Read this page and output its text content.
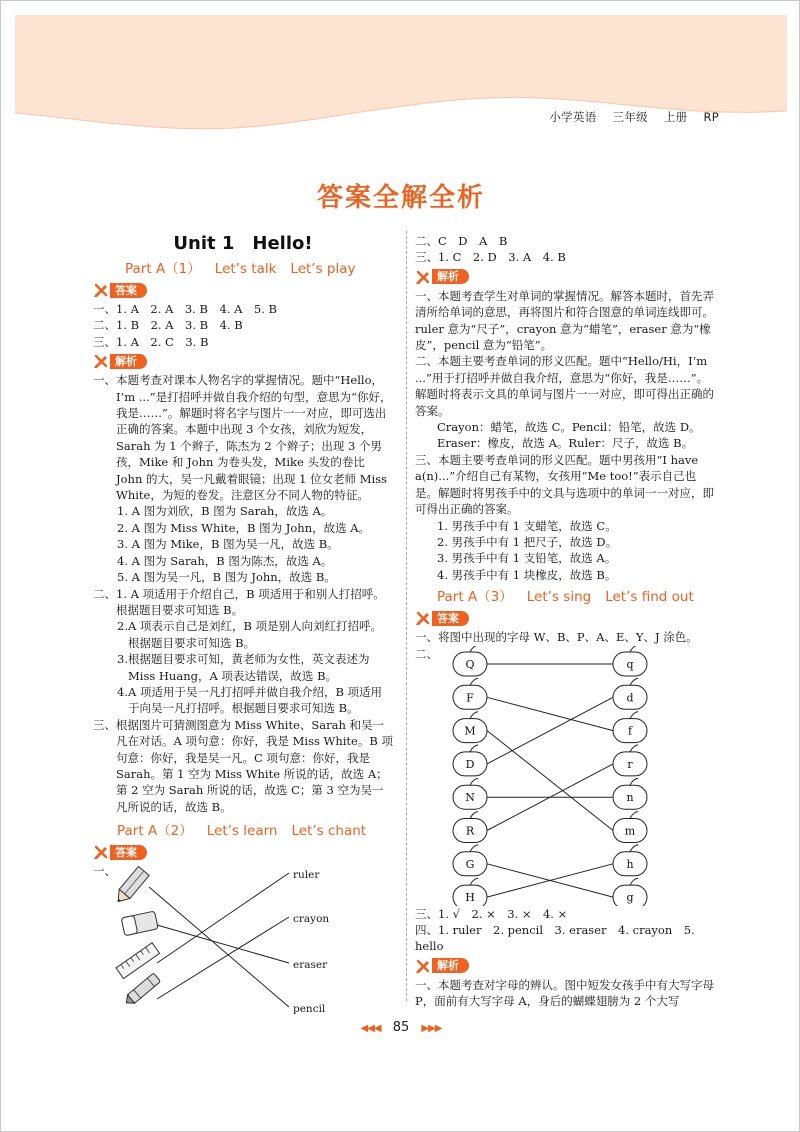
小学英语 三年级 上册 RP
答案全解全析
Unit 1　Hello!
Part A（1） Let’s talk Let’s play
答案
一、1. A　2. A　3. B　4. A　5. B
二、1. B　2. A　3. B　4. B
三、1. A　2. C　3. B
解析
一、 本题考查对课本人物名字的掌握情况。题中“Hello，I’m ...”是打招呼并做自我介绍的句型，意思为“你好，我是……”。解题时将名字与图片一一对应，即可选出正确的答案。本题中出现 3 个女孩，刘欣为短发，Sarah 为 1 个辫子，陈杰为 2 个辫子；出现 3 个男孩，Mike 和 John 为卷头发，Mike 头发的卷比 John 的大，吴一凡戴着眼镜；出现 1 位女老师 Miss White，为短的卷发。注意区分不同人物的特征。
1. A 图为刘欣，B 图为 Sarah，故选 A。
2. A 图为 Miss White，B 图为 John，故选 A。
3. A 图为 Mike，B 图为吴一凡，故选 B。
4. A 图为 Sarah，B 图为陈杰，故选 A。
5. A 图为吴一凡，B 图为 John，故选 B。
二、 1. A 项适用于介绍自己，B 项适用于和别人打招呼。根据题目要求可知选 B。
2. A 项表示自己是刘红，B 项是别人向刘红打招呼。根据题目要求可知选 B。
3. 根据题目要求可知，黄老师为女性，英文表述为 Miss Huang，A 项表达错误，故选 B。
4. A 项适用于吴一凡打招呼并做自我介绍，B 项适用于向吴一凡打招呼。根据题目要求可知选 B。
三、 根据图片可猜测图意为 Miss White、Sarah 和吴一凡在对话。A 项句意：你好，我是 Miss White。B 项句意：你好，我是吴一凡。C 项句意：你好，我是 Sarah。第 1 空为 Miss White 所说的话，故选 A；第 2 空为 Sarah 所说的话，故选 C；第 3 空为吴一凡所说的话，故选 B。
Part A（2） Let’s learn Let’s chant
答案
一、	ruler
crayon
eraser
pencil
二、C　D　A　B
三、1. C　2. D　3. A　4. B
解析
一、本题考查学生对单词的掌握情况。解答本题时，首先弄清所给单词的意思，再将图片和符合图意的单词连线即可。ruler 意为“尺子”，crayon 意为“蜡笔”，eraser 意为“橡皮”，pencil 意为“铅笔”。
二、本题主要考查单词的形义匹配。题中“Hello/Hi，I’m ...”用于打招呼并做自我介绍，意思为“你好，我是……”。解题时将表示文具的单词与图片一一对应，即可得出正确的答案。
Crayon：蜡笔，故选 C。Pencil：铅笔，故选 D。Eraser：橡皮，故选 A。Ruler：尺子，故选 B。
三、本题主要考查单词的形义匹配。题中男孩用“I have a(n)...”介绍自己有某物，女孩用“Me too!”表示自己也是。解题时将男孩手中的文具与选项中的单词一一对应，即可得出正确的答案。
1. 男孩手中有 1 支蜡笔，故选 C。
2. 男孩手中有 1 把尺子，故选 D。
3. 男孩手中有 1 支铅笔，故选 A。
4. 男孩手中有 1 块橡皮，故选 B。
Part A（3） Let’s sing Let’s find out
答案
一、将图中出现的字母 W、B、P、A、E、Y、J 涂色。
二、
Q
F
M
D
N
R
G
H
q
d
f
r
n
m
h
g
三、1. √　2. ×　3. ×　4. ×
四、1. ruler　2. pencil　3. eraser　4. crayon　5. hello
解析
一、本题考查对字母的辨认。图中短发女孩手中有大写字母 P，面前有大写字母 A，身后的蝴蝶翅膀为 2 个大写
◀◀◀ 85 ▶▶▶
